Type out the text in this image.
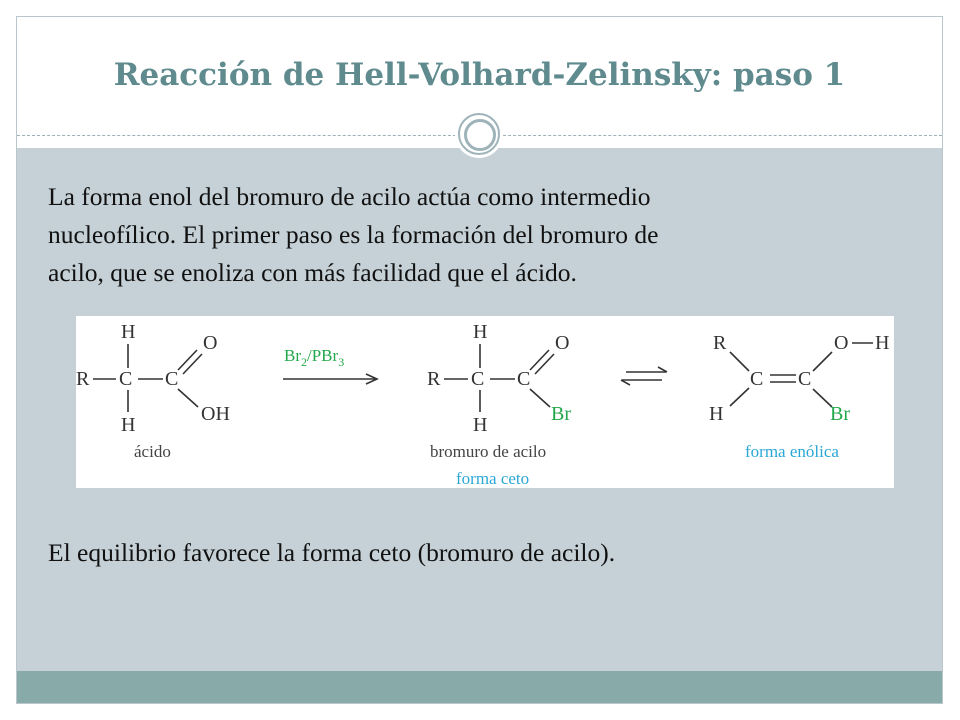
Reacción de Hell-Volhard-Zelinsky: paso 1

La forma enol del bromuro de acilo actúa como intermedio
nucleofílico. El primer paso es la formación del bromuro de
acilo, que se enoliza con más facilidad que el ácido.

H
R C C
H
O
OH
ácido
$Br_2/PBr_3$
H
R C C
H
O
Br
bromuro de acilo
forma ceto
R
H
C C
O H
Br
forma enólica

El equilibrio favorece la forma ceto (bromuro de acilo).
